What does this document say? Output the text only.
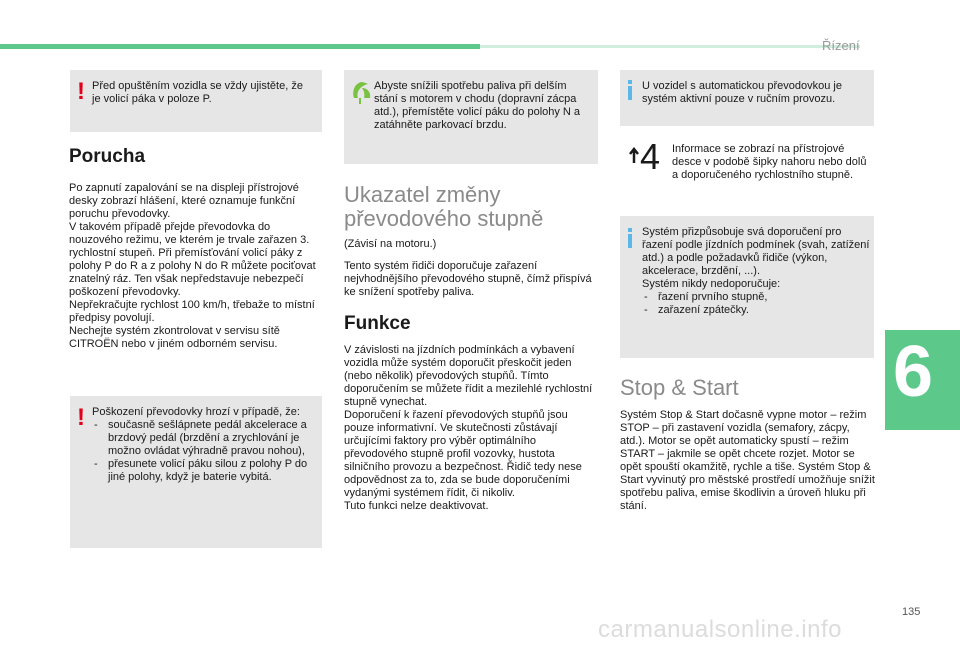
Řízení
6
135
carmanualsonline.info
! Před opuštěním vozidla se vždy ujistěte, že je volicí páka v poloze P.

Porucha

Po zapnutí zapalování se na displeji přístrojové desky zobrazí hlášení, které oznamuje funkční poruchu převodovky.

V takovém případě přejde převodovka do nouzového režimu, ve kterém je trvale zařazen 3. rychlostní stupeň. Při přemísťování volicí páky z polohy P do R a z polohy N do R můžete pociťovat znatelný ráz. Ten však nepředstavuje nebezpečí poškození převodovky.

Nepřekračujte rychlost 100 km/h, třebaže to místní předpisy povolují.

Nechejte systém zkontrolovat v servisu sítě CITROËN nebo v jiném odborném servisu.

! Poškození převodovky hrozí v případě, že:

- současně sešlápnete pedál akcelerace a brzdový pedál (brzdění a zrychlování je možno ovládat výhradně pravou nohou),
- přesunete volicí páku silou z polohy P do jiné polohy, když je baterie vybitá.

Abyste snížili spotřebu paliva při delším stání s motorem v chodu (dopravní zácpa atd.), přemístěte volicí páku do polohy N a zatáhněte parkovací brzdu.

Ukazatel změny
převodového stupně

(Závisí na motoru.)

Tento systém řidiči doporučuje zařazení nejvhodnějšího převodového stupně, čímž přispívá ke snížení spotřeby paliva.

Funkce

V závislosti na jízdních podmínkách a vybavení vozidla může systém doporučit přeskočit jeden (nebo několik) převodových stupňů. Tímto doporučením se můžete řídit a mezilehlé rychlostní stupně vynechat.

Doporučení k řazení převodových stupňů jsou pouze informativní. Ve skutečnosti zůstávají určujícími faktory pro výběr optimálního převodového stupně profil vozovky, hustota silničního provozu a bezpečnost. Řidič tedy nese odpovědnost za to, zda se bude doporučeními vydanými systémem řídit, či nikoliv.

Tuto funkci nelze deaktivovat.

U vozidel s automatickou převodovkou je systém aktivní pouze v ručním provozu.

4 Informace se zobrazí na přístrojové desce v podobě šipky nahoru nebo dolů a doporučeného rychlostního stupně.

Systém přizpůsobuje svá doporučení pro řazení podle jízdních podmínek (svah, zatížení atd.) a podle požadavků řidiče (výkon, akcelerace, brzdění, ...).

Systém nikdy nedoporučuje:

- řazení prvního stupně,
- zařazení zpátečky.
Stop & Start

Systém Stop & Start dočasně vypne motor – režim STOP – při zastavení vozidla (semafory, zácpy, atd.). Motor se opět automaticky spustí – režim START – jakmile se opět chcete rozjet. Motor se opět spouští okamžitě, rychle a tiše. Systém Stop & Start vyvinutý pro městské prostředí umožňuje snížit spotřebu paliva, emise škodlivin a úroveň hluku při stání.
